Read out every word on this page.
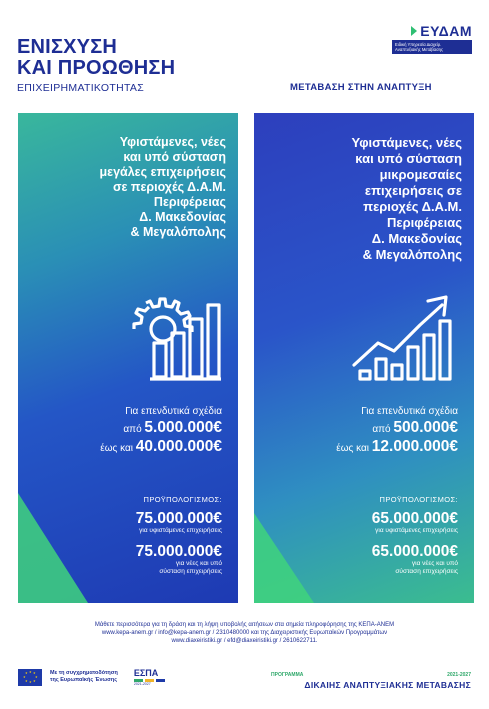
ΕΝΙΣΧΥΣΗ
ΚΑΙ ΠΡΟΩΘΗΣΗ
ΕΠΙΧΕΙΡΗΜΑΤΙΚΟΤΗΤΑΣ
ΕΥΔΑΜ
Ειδική Υπηρεσία Διαχείρ.
Αναπτυξιακής Μετάβασης
ΜΕΤΑΒΑΣΗ ΣΤΗΝ ΑΝΑΠΤΥΞΗ
Υφιστάμενες, νέες
και υπό σύσταση
μεγάλες επιχειρήσεις
σε περιοχές Δ.Α.Μ.
Περιφέρειας
Δ. Μακεδονίας
& Μεγαλόπολης
Για επενδυτικά σχέδια
από 5.000.000€
έως και 40.000.000€
ΠΡΟΫΠΟΛΟΓΙΣΜΟΣ:
75.000.000€
για υφιστάμενες επιχειρήσεις
75.000.000€
για νέες και υπό
σύσταση επιχειρήσεις
Υφιστάμενες, νέες
και υπό σύσταση
μικρομεσαίες
επιχειρήσεις σε
περιοχές Δ.Α.Μ.
Περιφέρειας
Δ. Μακεδονίας
& Μεγαλόπολης
Για επενδυτικά σχέδια
από 500.000€
έως και 12.000.000€
ΠΡΟΫΠΟΛΟΓΙΣΜΟΣ:
65.000.000€
για υφιστάμενες επιχειρήσεις
65.000.000€
για νέες και υπό
σύσταση επιχειρήσεις
Μάθετε περισσότερα για τη δράση και τη λήψη υποβολής αιτήσεων στα σημεία πληροφόρησης της ΚΕΠΑ-ΑΝΕΜ
www.kepa-anem.gr / info@kepa-anem.gr / 2310480000 και της Διαχειριστικής Ευρωπαϊκών Προγραμμάτων
www.diaxeiristiki.gr / efd@diaxeiristiki.gr / 2610622711.
★ ★
★
★
★
★
★
★	Με τη συγχρηματοδότηση
της Ευρωπαϊκής Ένωσης
ΕΣΠΑ
2021-2027
ΠΡΟΓΡΑΜΜΑ	2021-2027
ΔΙΚΑΙΗΣ ΑΝΑΠΤΥΞΙΑΚΗΣ ΜΕΤΑΒΑΣΗΣ
